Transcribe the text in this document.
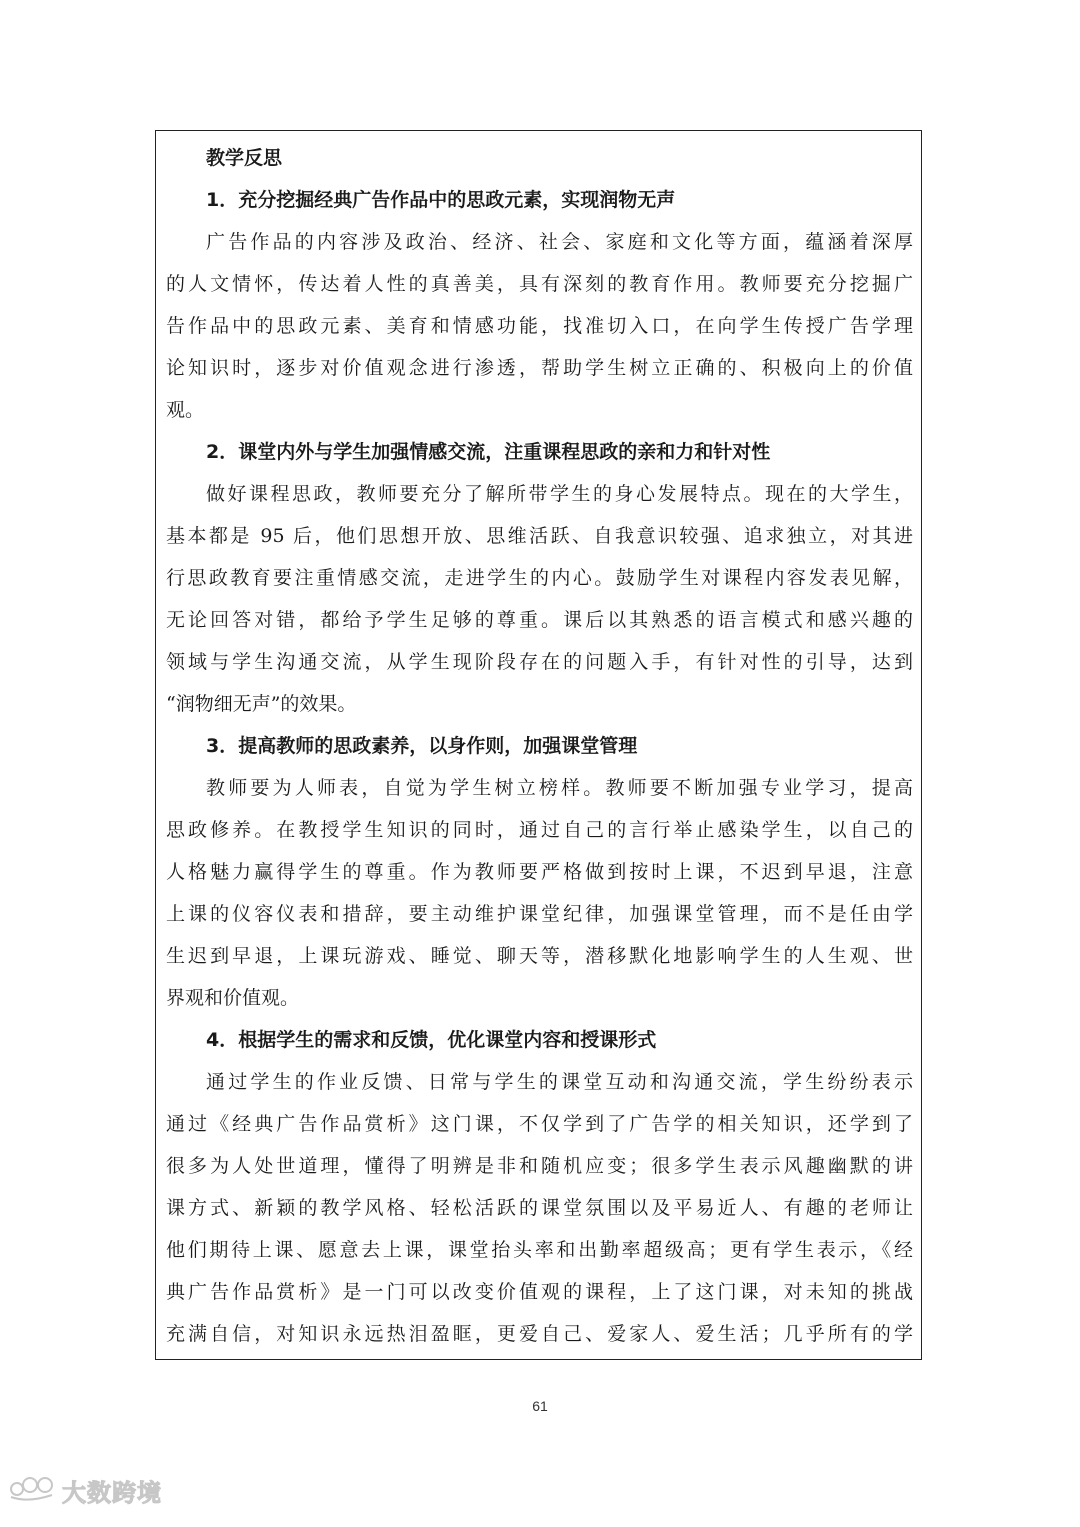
教学反思
1．充分挖掘经典广告作品中的思政元素，实现润物无声
广告作品的内容涉及政治、经济、社会、家庭和文化等方面，蕴涵着深厚
的人文情怀，传达着人性的真善美，具有深刻的教育作用。教师要充分挖掘广
告作品中的思政元素、美育和情感功能，找准切入口，在向学生传授广告学理
论知识时，逐步对价值观念进行渗透，帮助学生树立正确的、积极向上的价值
观。
2．课堂内外与学生加强情感交流，注重课程思政的亲和力和针对性
做好课程思政，教师要充分了解所带学生的身心发展特点。现在的大学生，
基本都是 95 后，他们思想开放、思维活跃、自我意识较强、追求独立，对其进
行思政教育要注重情感交流，走进学生的内心。鼓励学生对课程内容发表见解，
无论回答对错，都给予学生足够的尊重。课后以其熟悉的语言模式和感兴趣的
领域与学生沟通交流，从学生现阶段存在的问题入手，有针对性的引导，达到
“润物细无声”的效果。
3．提高教师的思政素养，以身作则，加强课堂管理
教师要为人师表，自觉为学生树立榜样。教师要不断加强专业学习，提高
思政修养。在教授学生知识的同时，通过自己的言行举止感染学生，以自己的
人格魅力赢得学生的尊重。作为教师要严格做到按时上课，不迟到早退，注意
上课的仪容仪表和措辞，要主动维护课堂纪律，加强课堂管理，而不是任由学
生迟到早退，上课玩游戏、睡觉、聊天等，潜移默化地影响学生的人生观、世
界观和价值观。
4．根据学生的需求和反馈，优化课堂内容和授课形式
通过学生的作业反馈、日常与学生的课堂互动和沟通交流，学生纷纷表示
通过《经典广告作品赏析》这门课，不仅学到了广告学的相关知识，还学到了
很多为人处世道理，懂得了明辨是非和随机应变；很多学生表示风趣幽默的讲
课方式、新颖的教学风格、轻松活跃的课堂氛围以及平易近人、有趣的老师让
他们期待上课、愿意去上课，课堂抬头率和出勤率超级高；更有学生表示，《经
典广告作品赏析》是一门可以改变价值观的课程，上了这门课，对未知的挑战
充满自信，对知识永远热泪盈眶，更爱自己、爱家人、爱生活；几乎所有的学
61
大数跨境
